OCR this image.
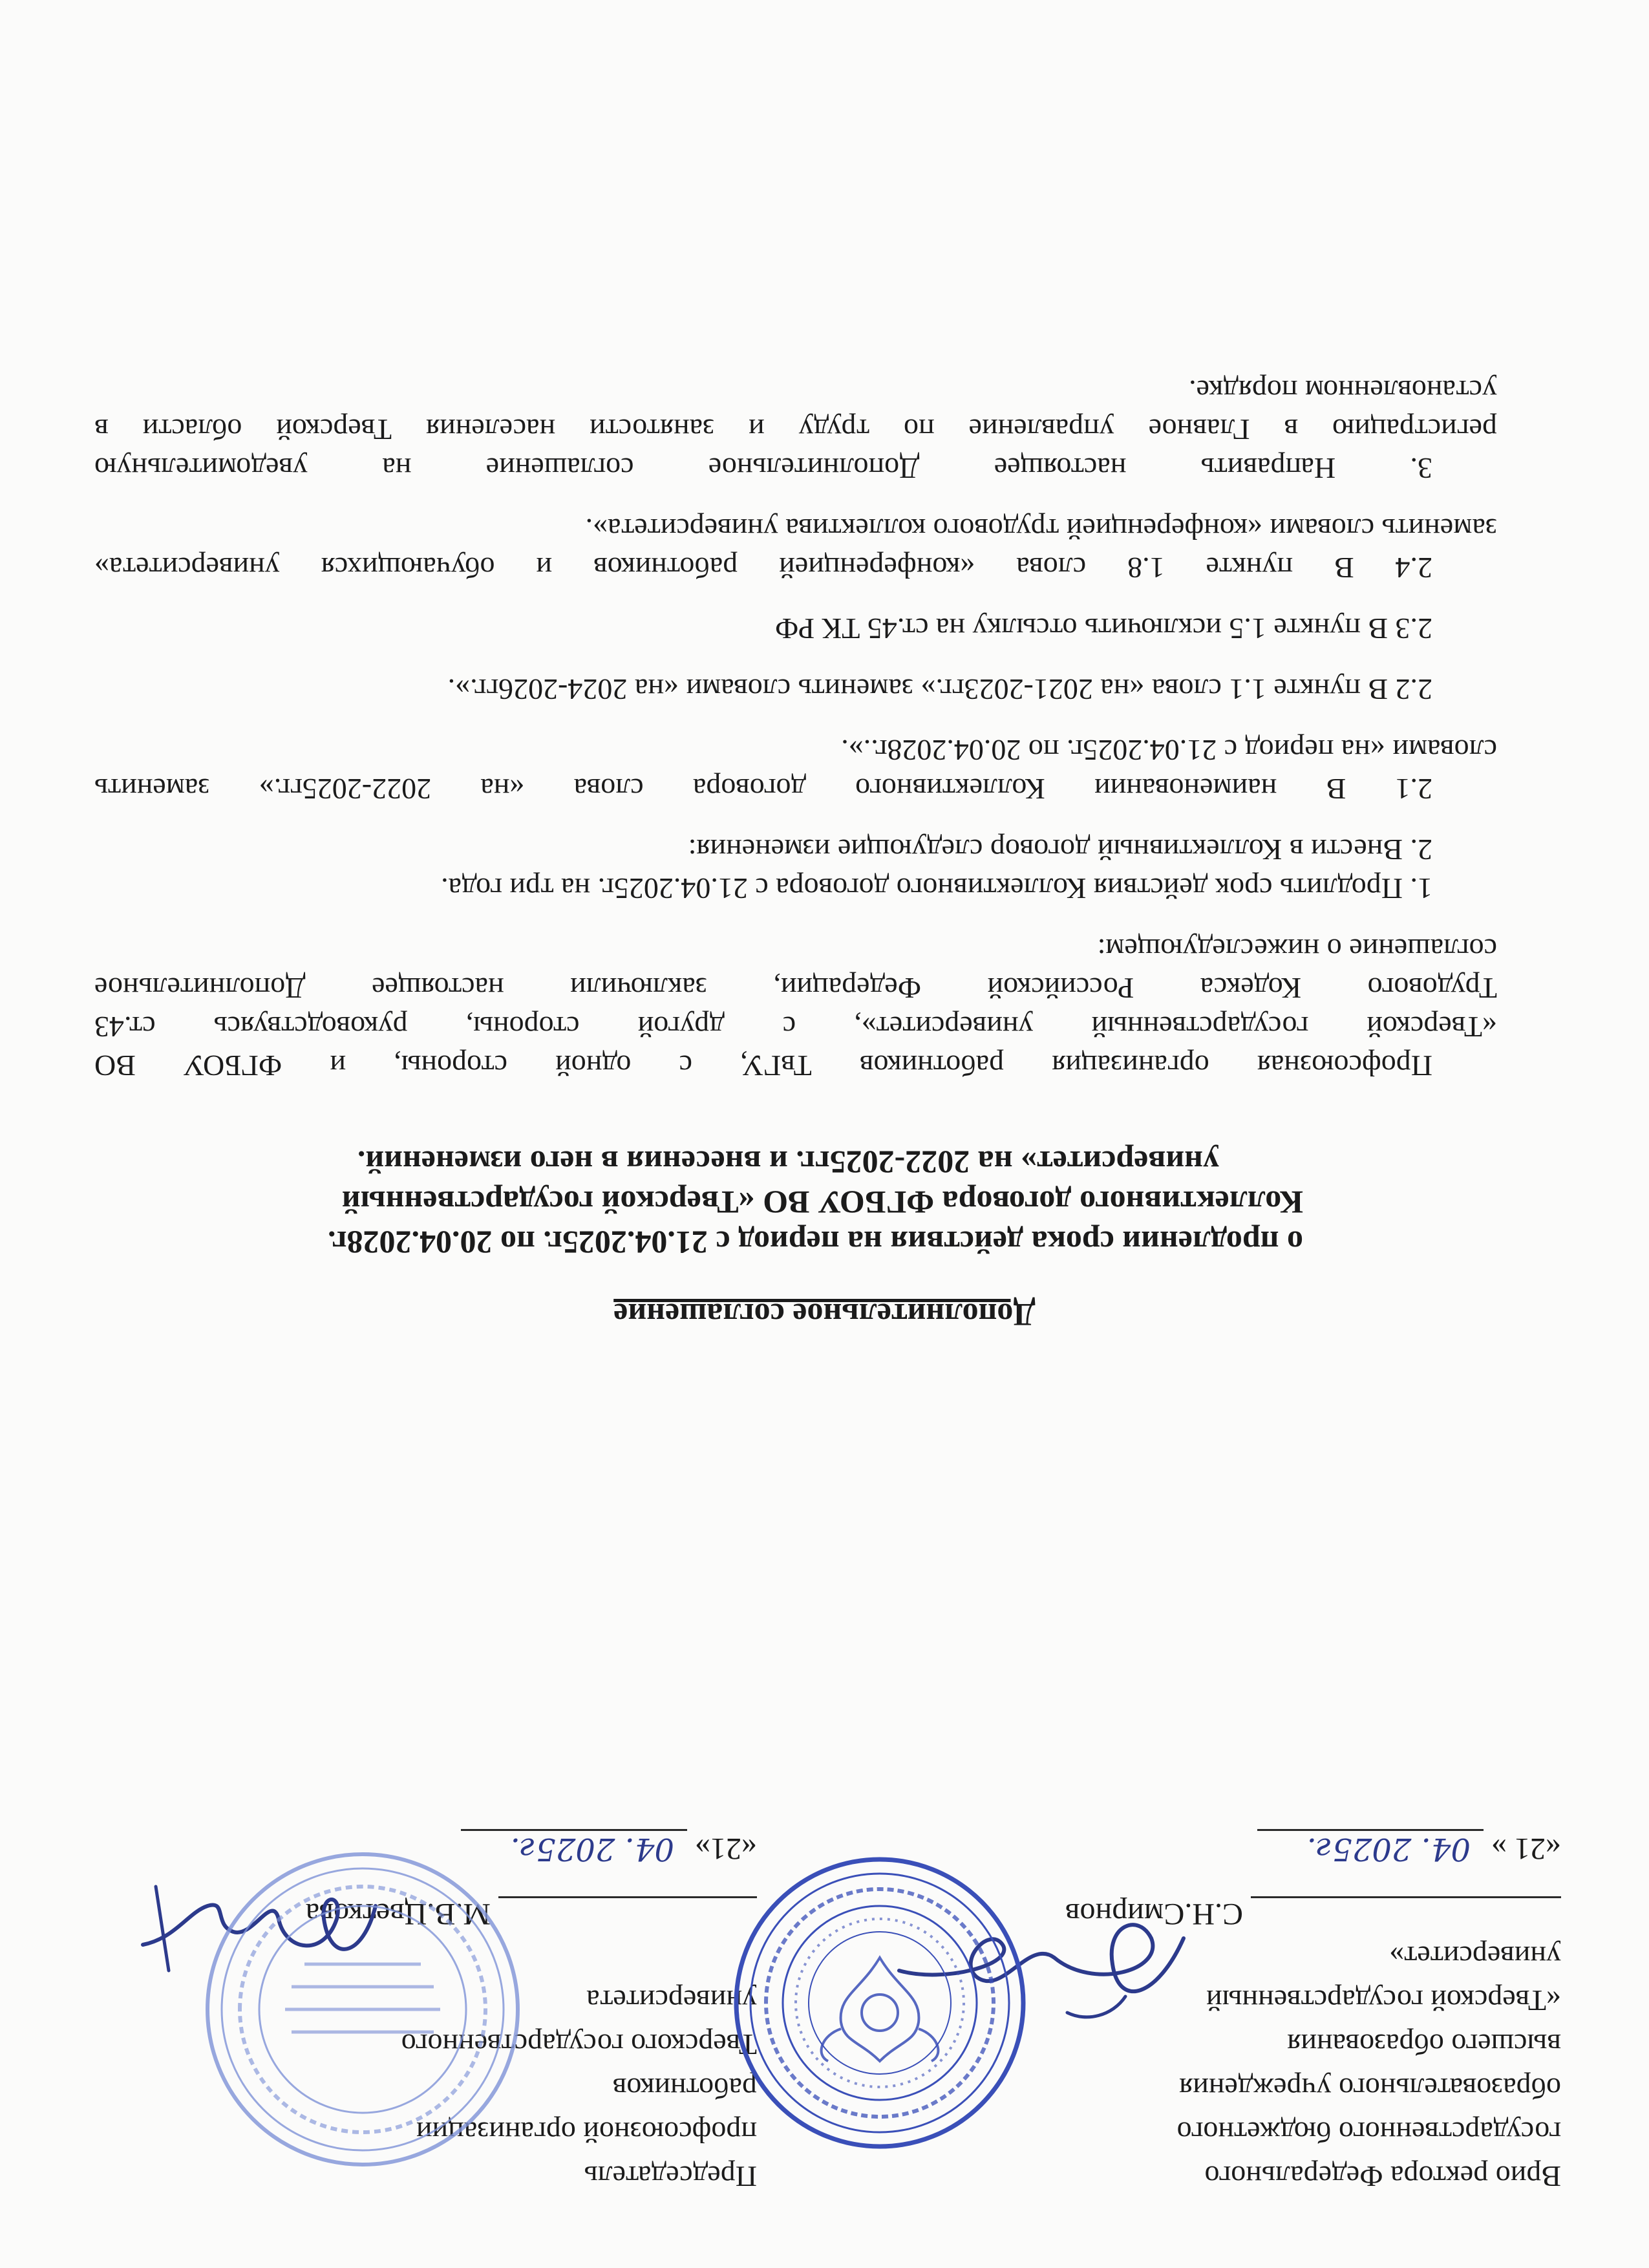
Врио ректора Федерального
государственного бюджетного
образовательного учреждения
высшего образования
«Тверской государственный
университет»
Председатель
профсоюзной организации
работников
Тверского государственного
университета
С.Н.Смирнов
М.В.Цветкова
«21 » 04. 2025г.
«21» 04. 2025г.
Дополнительное соглашение
о продлении срока действия на период с 21.04.2025г. по 20.04.2028г.
Коллективного договора ФГБОУ ВО «Тверской государственный
университет» на 2022-2025гг. и внесения в него изменений.
Профсоюзная организация работников ТвГУ, с одной стороны, и ФГБОУ ВО
«Тверской государственный университет», с другой стороны, руководствуясь ст.43
Трудового Кодекса Российской Федерации, заключили настоящее Дополнительное
соглашение о нижеследующем:
1. Продлить срок действия Коллективного договора с 21.04.2025г. на три года.
2. Внести в Коллективный договор следующие изменения:
2.1 В наименовании Коллективного договора слова «на 2022-2025гг.» заменить
словами «на период с 21.04.2025г. по 20.04.2028г..».
2.2 В пункте 1.1 слова «на 2021-2023гг.» заменить словами «на 2024-2026гг.».
2.3 В пункте 1.5 исключить отсылку на ст.45 ТК РФ
2.4 В пункте 1.8 слова «конференцией работников и обучающихся университета»
заменить словами «конференцией трудового коллектива университета».
3. Направить настоящее Дополнительное соглашение на уведомительную
регистрацию в Главное управление по труду и занятости населения Тверской области в
установленном порядке.
